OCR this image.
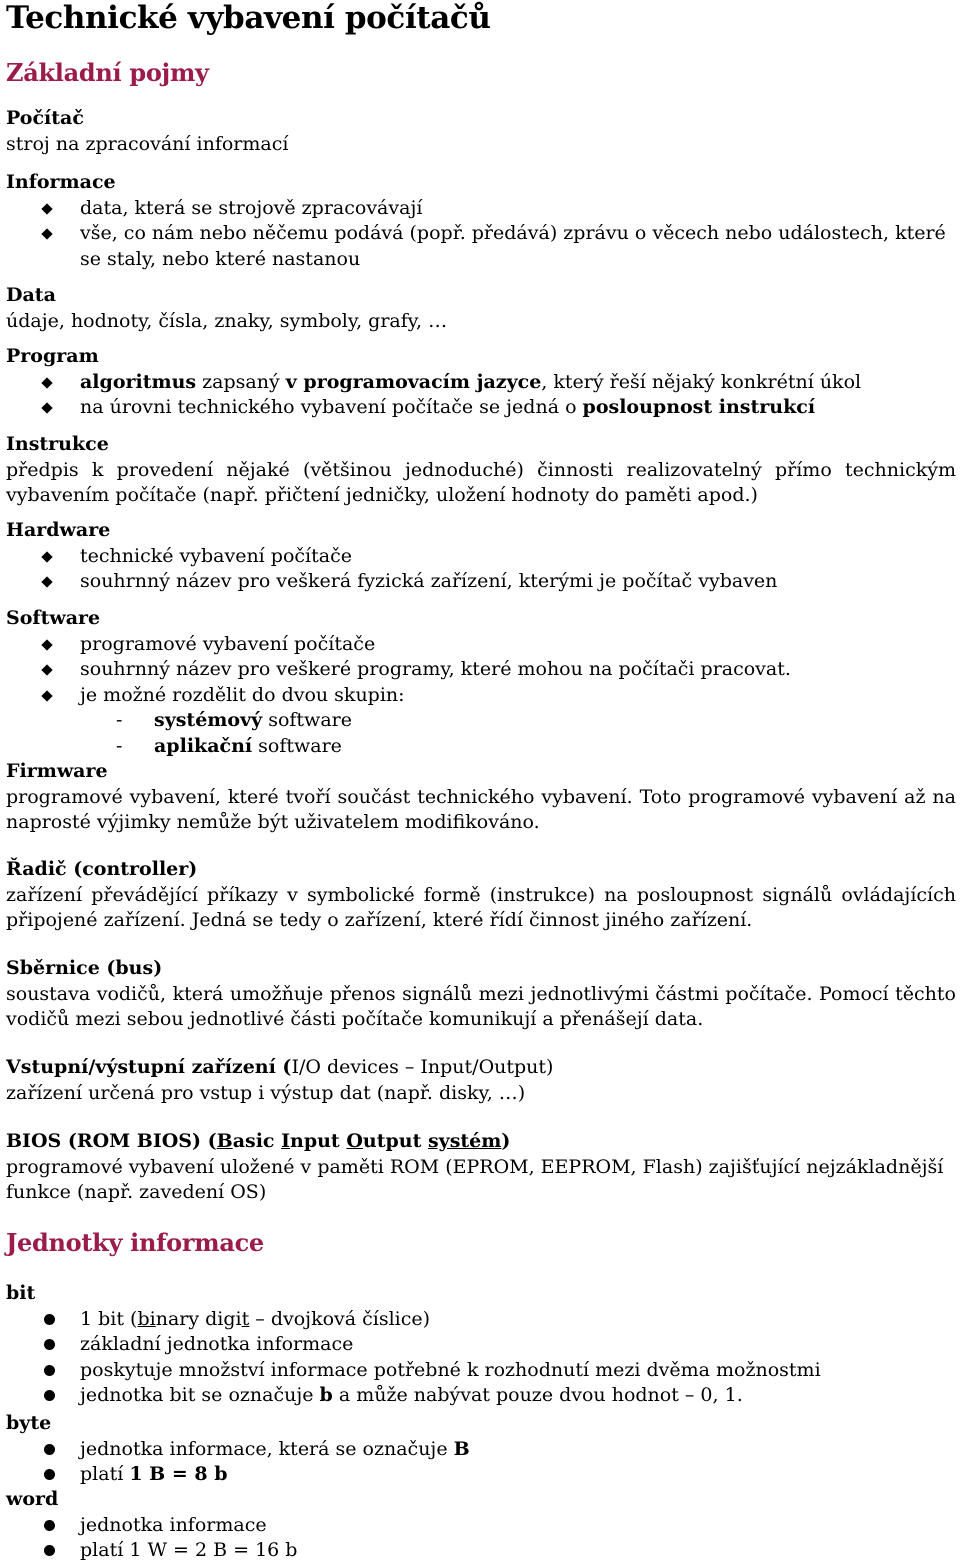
Technické vybavení počítačů
Základní pojmy

Počítač

stroj na zpracování informací

Informace

data, která se strojově zpracovávají
vše, co nám nebo něčemu podává (popř. předává) zprávu o věcech nebo událostech, které se staly, nebo které nastanou

Data

údaje, hodnoty, čísla, znaky, symboly, grafy, …

Program

algoritmus zapsaný v programovacím jazyce, který řeší nějaký konkrétní úkol
na úrovni technického vybavení počítače se jedná o posloupnost instrukcí

Instrukce

předpis k provedení nějaké (většinou jednoduché) činnosti realizovatelný přímo technickým vybavením počítače (např. přičtení jedničky, uložení hodnoty do paměti apod.)

Hardware

technické vybavení počítače
souhrnný název pro veškerá fyzická zařízení, kterými je počítač vybaven

Software

programové vybavení počítače
souhrnný název pro veškeré programy, které mohou na počítači pracovat.
je možné rozdělit do dvou skupin:
- systémový software
- aplikační software

Firmware

programové vybavení, které tvoří součást technického vybavení. Toto programové vybavení až na naprosté výjimky nemůže být uživatelem modifikováno.

Řadič (controller)

zařízení převádějící příkazy v symbolické formě (instrukce) na posloupnost signálů ovládajících připojené zařízení. Jedná se tedy o zařízení, které řídí činnost jiného zařízení.

Sběrnice (bus)

soustava vodičů, která umožňuje přenos signálů mezi jednotlivými částmi počítače. Pomocí těchto vodičů mezi sebou jednotlivé části počítače komunikují a přenášejí data.

Vstupní/výstupní zařízení (I/O devices – Input/Output)

zařízení určená pro vstup i výstup dat (např. disky, …)

BIOS (ROM BIOS) (Basic Input Output systém)

programové vybavení uložené v paměti ROM (EPROM, EEPROM, Flash) zajišťující nejzákladnější funkce (např. zavedení OS)

Jednotky informace

bit

1 bit (binary digit – dvojková číslice)
základní jednotka informace
poskytuje množství informace potřebné k rozhodnutí mezi dvěma možnostmi
jednotka bit se označuje b a může nabývat pouze dvou hodnot – 0, 1.

byte

jednotka informace, která se označuje B
platí 1 B = 8 b

word

jednotka informace
platí 1 W = 2 B = 16 b
